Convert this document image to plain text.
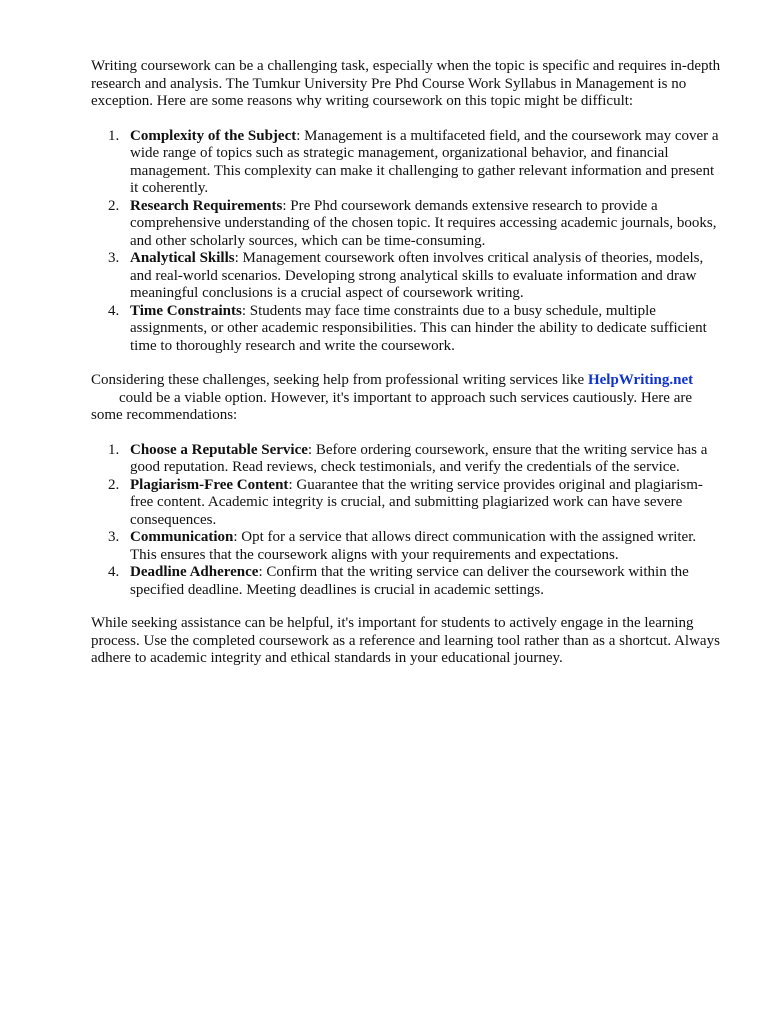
Writing coursework can be a challenging task, especially when the topic is specific and requires in-depth research and analysis. The Tumkur University Pre Phd Course Work Syllabus in Management is no exception. Here are some reasons why writing coursework on this topic might be difficult:

1. Complexity of the Subject: Management is a multifaceted field, and the coursework may cover a wide range of topics such as strategic management, organizational behavior, and financial management. This complexity can make it challenging to gather relevant information and present it coherently.
2. Research Requirements: Pre Phd coursework demands extensive research to provide a comprehensive understanding of the chosen topic. It requires accessing academic journals, books, and other scholarly sources, which can be time-consuming.
3. Analytical Skills: Management coursework often involves critical analysis of theories, models, and real-world scenarios. Developing strong analytical skills to evaluate information and draw meaningful conclusions is a crucial aspect of coursework writing.
4. Time Constraints: Students may face time constraints due to a busy schedule, multiple assignments, or other academic responsibilities. This can hinder the ability to dedicate sufficient time to thoroughly research and write the coursework.

Considering these challenges, seeking help from professional writing services like HelpWriting.netcould be a viable option. However, it's important to approach such services cautiously. Here are some recommendations:

1. Choose a Reputable Service: Before ordering coursework, ensure that the writing service has a good reputation. Read reviews, check testimonials, and verify the credentials of the service.
2. Plagiarism-Free Content: Guarantee that the writing service provides original and plagiarism-free content. Academic integrity is crucial, and submitting plagiarized work can have severe consequences.
3. Communication: Opt for a service that allows direct communication with the assigned writer. This ensures that the coursework aligns with your requirements and expectations.
4. Deadline Adherence: Confirm that the writing service can deliver the coursework within the specified deadline. Meeting deadlines is crucial in academic settings.

While seeking assistance can be helpful, it's important for students to actively engage in the learning process. Use the completed coursework as a reference and learning tool rather than as a shortcut. Always adhere to academic integrity and ethical standards in your educational journey.
